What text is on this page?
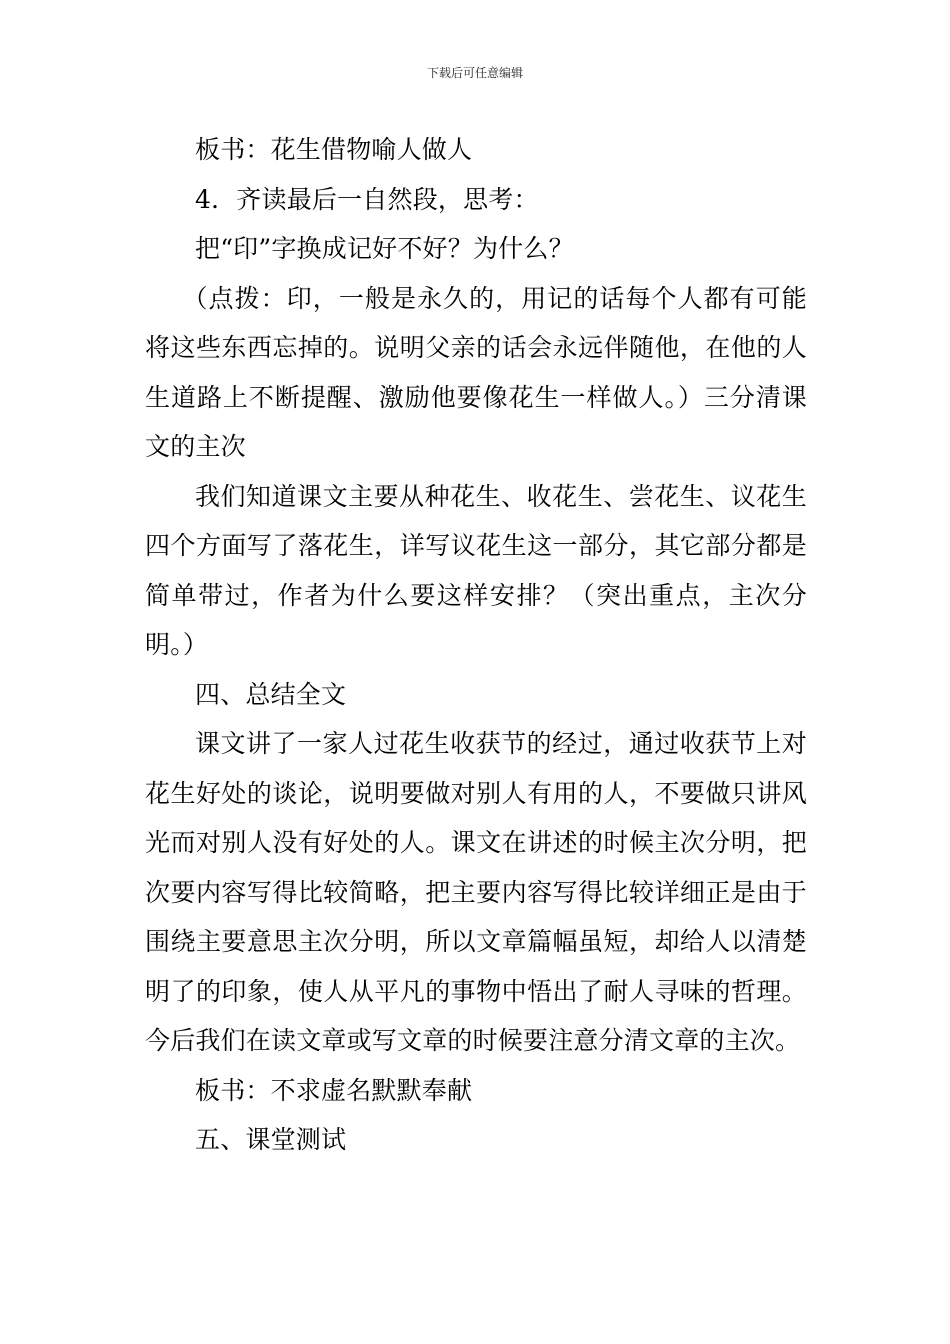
下载后可任意编辑

板书：花生借物喻人做人

4．齐读最后一自然段，思考：

把“印”字换成记好不好？为什么？

（点拨：印，一般是永久的，用记的话每个人都有可能将这些东西忘掉的。说明父亲的话会永远伴随他，在他的人生道路上不断提醒、激励他要像花生一样做人。）三分清课文的主次

我们知道课文主要从种花生、收花生、尝花生、议花生四个方面写了落花生，详写议花生这一部分，其它部分都是简单带过，作者为什么要这样安排？（突出重点，主次分明。）

四、总结全文

课文讲了一家人过花生收获节的经过，通过收获节上对花生好处的谈论，说明要做对别人有用的人，不要做只讲风光而对别人没有好处的人。课文在讲述的时候主次分明，把次要内容写得比较简略，把主要内容写得比较详细正是由于围绕主要意思主次分明，所以文章篇幅虽短，却给人以清楚明了的印象，使人从平凡的事物中悟出了耐人寻味的哲理。今后我们在读文章或写文章的时候要注意分清文章的主次。

板书：不求虚名默默奉献

五、课堂测试
